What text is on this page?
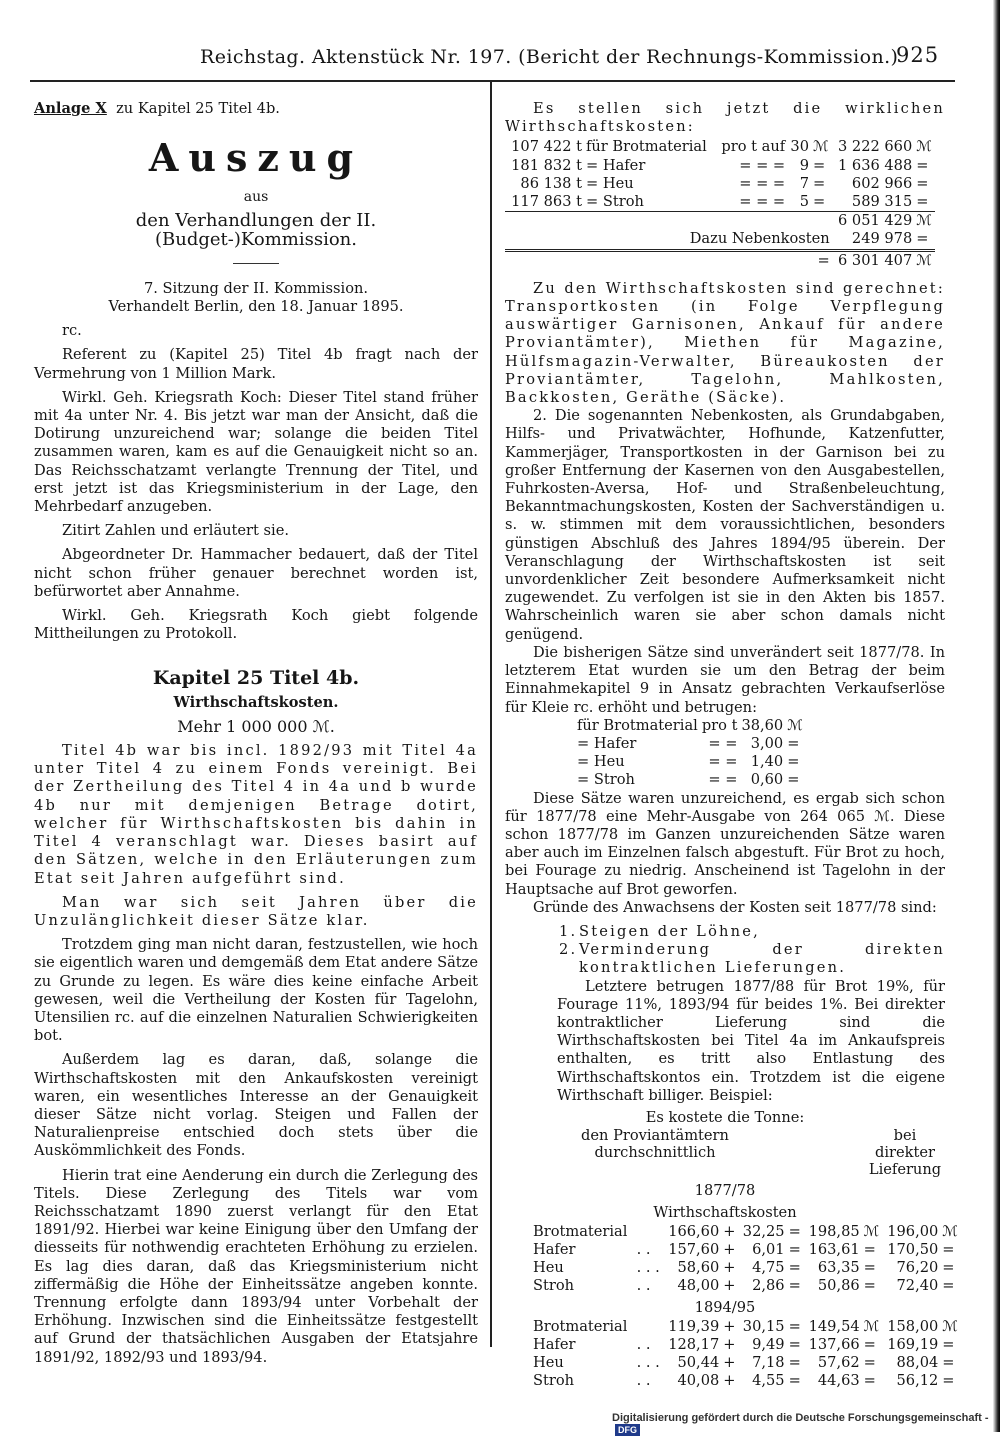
Reichstag. Aktenstück Nr. 197. (Bericht der Rechnungs-Kommission.)
925

Anlage X zu Kapitel 25 Titel 4b.

Auszug
aus
den Verhandlungen der II. (Budget-)Kommission.

7. Sitzung der II. Kommission.

Verhandelt Berlin, den 18. Januar 1895.

rc.

Referent zu (Kapitel 25) Titel 4b fragt nach der Vermehrung von 1 Million Mark.

Wirkl. Geh. Kriegsrath Koch: Dieser Titel stand früher mit 4a unter Nr. 4. Bis jetzt war man der Ansicht, daß die Dotirung unzureichend war; solange die beiden Titel zusammen waren, kam es auf die Genauigkeit nicht so an. Das Reichsschatzamt verlangte Trennung der Titel, und erst jetzt ist das Kriegsministerium in der Lage, den Mehrbedarf anzugeben.

Zitirt Zahlen und erläutert sie.

Abgeordneter Dr. Hammacher bedauert, daß der Titel nicht schon früher genauer berechnet worden ist, befürwortet aber Annahme.

Wirkl. Geh. Kriegsrath Koch giebt folgende Mittheilungen zu Protokoll.

Kapitel 25 Titel 4b.

Wirthschaftskosten.

Mehr 1 000 000 ℳ.

Titel 4b war bis incl. 1892/93 mit Titel 4a unter Titel 4 zu einem Fonds vereinigt. Bei der Zertheilung des Titel 4 in 4a und b wurde 4b nur mit demjenigen Betrage dotirt, welcher für Wirthschaftskosten bis dahin in Titel 4 veranschlagt war. Dieses basirt auf den Sätzen, welche in den Erläuterungen zum Etat seit Jahren aufgeführt sind.

Man war sich seit Jahren über die Unzulänglichkeit dieser Sätze klar.

Trotzdem ging man nicht daran, festzustellen, wie hoch sie eigentlich waren und demgemäß dem Etat andere Sätze zu Grunde zu legen. Es wäre dies keine einfache Arbeit gewesen, weil die Vertheilung der Kosten für Tagelohn, Utensilien rc. auf die einzelnen Naturalien Schwierigkeiten bot.

Außerdem lag es daran, daß, solange die Wirthschaftskosten mit den Ankaufskosten vereinigt waren, ein wesentliches Interesse an der Genauigkeit dieser Sätze nicht vorlag. Steigen und Fallen der Naturalienpreise entschied doch stets über die Auskömmlichkeit des Fonds.

Hierin trat eine Aenderung ein durch die Zerlegung des Titels. Diese Zerlegung des Titels war vom Reichsschatzamt 1890 zuerst verlangt für den Etat 1891/92. Hierbei war keine Einigung über den Umfang der diesseits für nothwendig erachteten Erhöhung zu erzielen. Es lag dies daran, daß das Kriegsministerium nicht ziffermäßig die Höhe der Einheitssätze angeben konnte. Trennung erfolgte dann 1893/94 unter Vorbehalt der Erhöhung. Inzwischen sind die Einheitssätze festgestellt auf Grund der thatsächlichen Ausgaben der Etatsjahre 1891/92, 1892/93 und 1893/94.

Es stellen sich jetzt die wirklichen Wirthschaftskosten:

107 422 t	für Brotmaterial	pro t auf	30	ℳ	3 222 660	ℳ
181 832 t	= Hafer	= = =	9	=	1 636 488	=
86 138 t	= Heu	= = =	7	=	602 966	=
117 863 t	= Stroh	= = =	5	=	589 315	=
					6 051 429	ℳ
Dazu Nebenkosten					249 978	=
=					6 301 407	ℳ

Zu den Wirthschaftskosten sind gerechnet: Transportkosten (in Folge Verpflegung auswärtiger Garnisonen, Ankauf für andere Proviantämter), Miethen für Magazine, Hülfsmagazin-Verwalter, Büreaukosten der Proviantämter, Tagelohn, Mahlkosten, Backkosten, Geräthe (Säcke).

2. Die sogenannten Nebenkosten, als Grundabgaben, Hilfs- und Privatwächter, Hofhunde, Katzenfutter, Kammerjäger, Transportkosten in der Garnison bei zu großer Entfernung der Kasernen von den Ausgabestellen, Fuhrkosten-Aversa, Hof- und Straßenbeleuchtung, Bekanntmachungskosten, Kosten der Sachverständigen u. s. w. stimmen mit dem voraussichtlichen, besonders günstigen Abschluß des Jahres 1894/95 überein. Der Veranschlagung der Wirthschaftskosten ist seit unvordenklicher Zeit besondere Aufmerksamkeit nicht zugewendet. Zu verfolgen ist sie in den Akten bis 1857. Wahrscheinlich waren sie aber schon damals nicht genügend.

Die bisherigen Sätze sind unverändert seit 1877/78. In letzterem Etat wurden sie um den Betrag der beim Einnahmekapitel 9 in Ansatz gebrachten Verkaufserlöse für Kleie rc. erhöht und betrugen:

für Brotmaterial	pro t	38,60	ℳ
= Hafer	= =	3,00	=
= Heu	= =	1,40	=
= Stroh	= =	0,60	=

Diese Sätze waren unzureichend, es ergab sich schon für 1877/78 eine Mehr-Ausgabe von 264 065 ℳ. Diese schon 1877/78 im Ganzen unzureichenden Sätze waren aber auch im Einzelnen falsch abgestuft. Für Brot zu hoch, bei Fourage zu niedrig. Anscheinend ist Tagelohn in der Hauptsache auf Brot geworfen.

Gründe des Anwachsens der Kosten seit 1877/78 sind:

1. Steigen der Löhne,

2. Verminderung der direkten kontraktlichen Lieferungen.

Letztere betrugen 1877/88 für Brot 19%, für Fourage 11%, 1893/94 für beides 1%. Bei direkter kontraktlicher Lieferung sind die Wirthschaftskosten bei Titel 4a im Ankaufspreis enthalten, es tritt also Entlastung des Wirthschaftskontos ein. Trotzdem ist die eigene Wirthschaft billiger. Beispiel:

Es kostete die Tonne:

den Proviantämtern durchschnittlich
bei direkter Lieferung

1877/78

Wirthschaftskosten

Brotmaterial		166,60	+	32,25	=	198,85	ℳ	196,00	ℳ
Hafer	. .	157,60	+	6,01	=	163,61	=	170,50	=
Heu	. . .	58,60	+	4,75	=	63,35	=	76,20	=
Stroh	. .	48,00	+	2,86	=	50,86	=	72,40	=

1894/95

Brotmaterial		119,39	+	30,15	=	149,54	ℳ	158,00	ℳ
Hafer	. .	128,17	+	9,49	=	137,66	=	169,19	=
Heu	. . .	50,44	+	7,18	=	57,62	=	88,04	=
Stroh	. .	40,08	+	4,55	=	44,63	=	56,12	=
Digitalisierung gefördert durch die Deutsche Forschungsgemeinschaft -DFG
